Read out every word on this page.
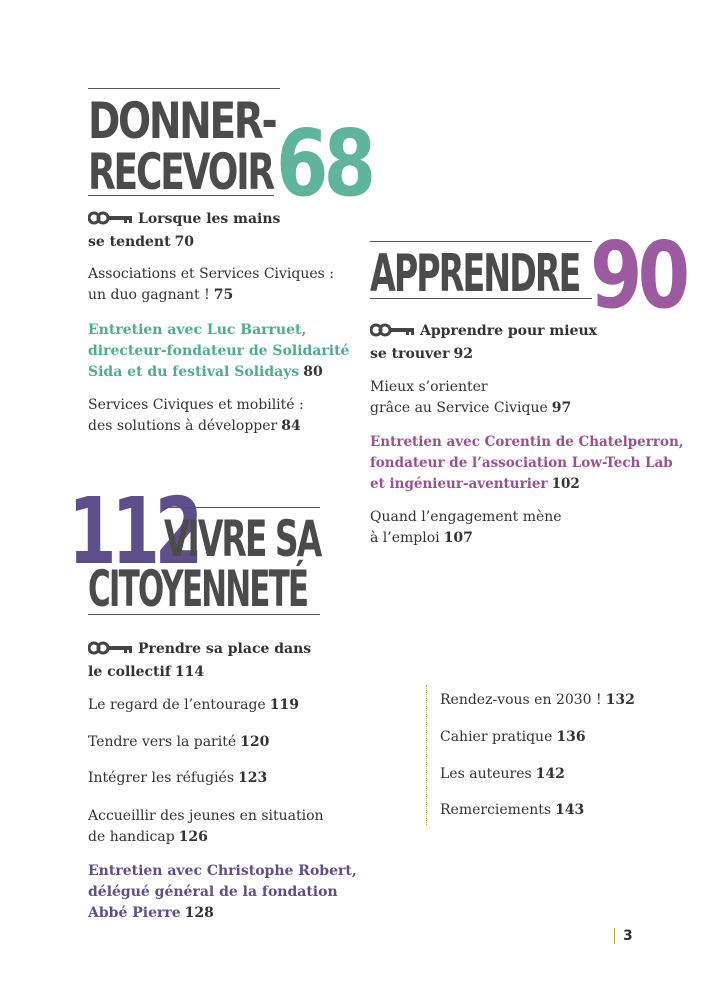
DONNER-
RECEVOIR 68
Lorsque les mains
se tendent 70
Associations et Services Civiques :
un duo gagnant ! 75
Entretien avec Luc Barruet,
directeur-fondateur de Solidarité
Sida et du festival Solidays 80
Services Civiques et mobilité :
des solutions à développer 84
APPRENDRE 90
Apprendre pour mieux
se trouver 92
Mieux s’orienter
grâce au Service Civique 97
Entretien avec Corentin de Chatelperron,
fondateur de l’association Low-Tech Lab
et ingénieur-aventurier 102
Quand l’engagement mène
à l’emploi 107
112
VIVRE SA
CITOYENNETÉ
Prendre sa place dans
le collectif 114
Le regard de l’entourage 119
Tendre vers la parité 120
Intégrer les réfugiés 123
Accueillir des jeunes en situation
de handicap 126
Entretien avec Christophe Robert,
délégué général de la fondation
Abbé Pierre 128
Rendez-vous en 2030 ! 132
Cahier pratique 136
Les auteures 142
Remerciements 143
3
